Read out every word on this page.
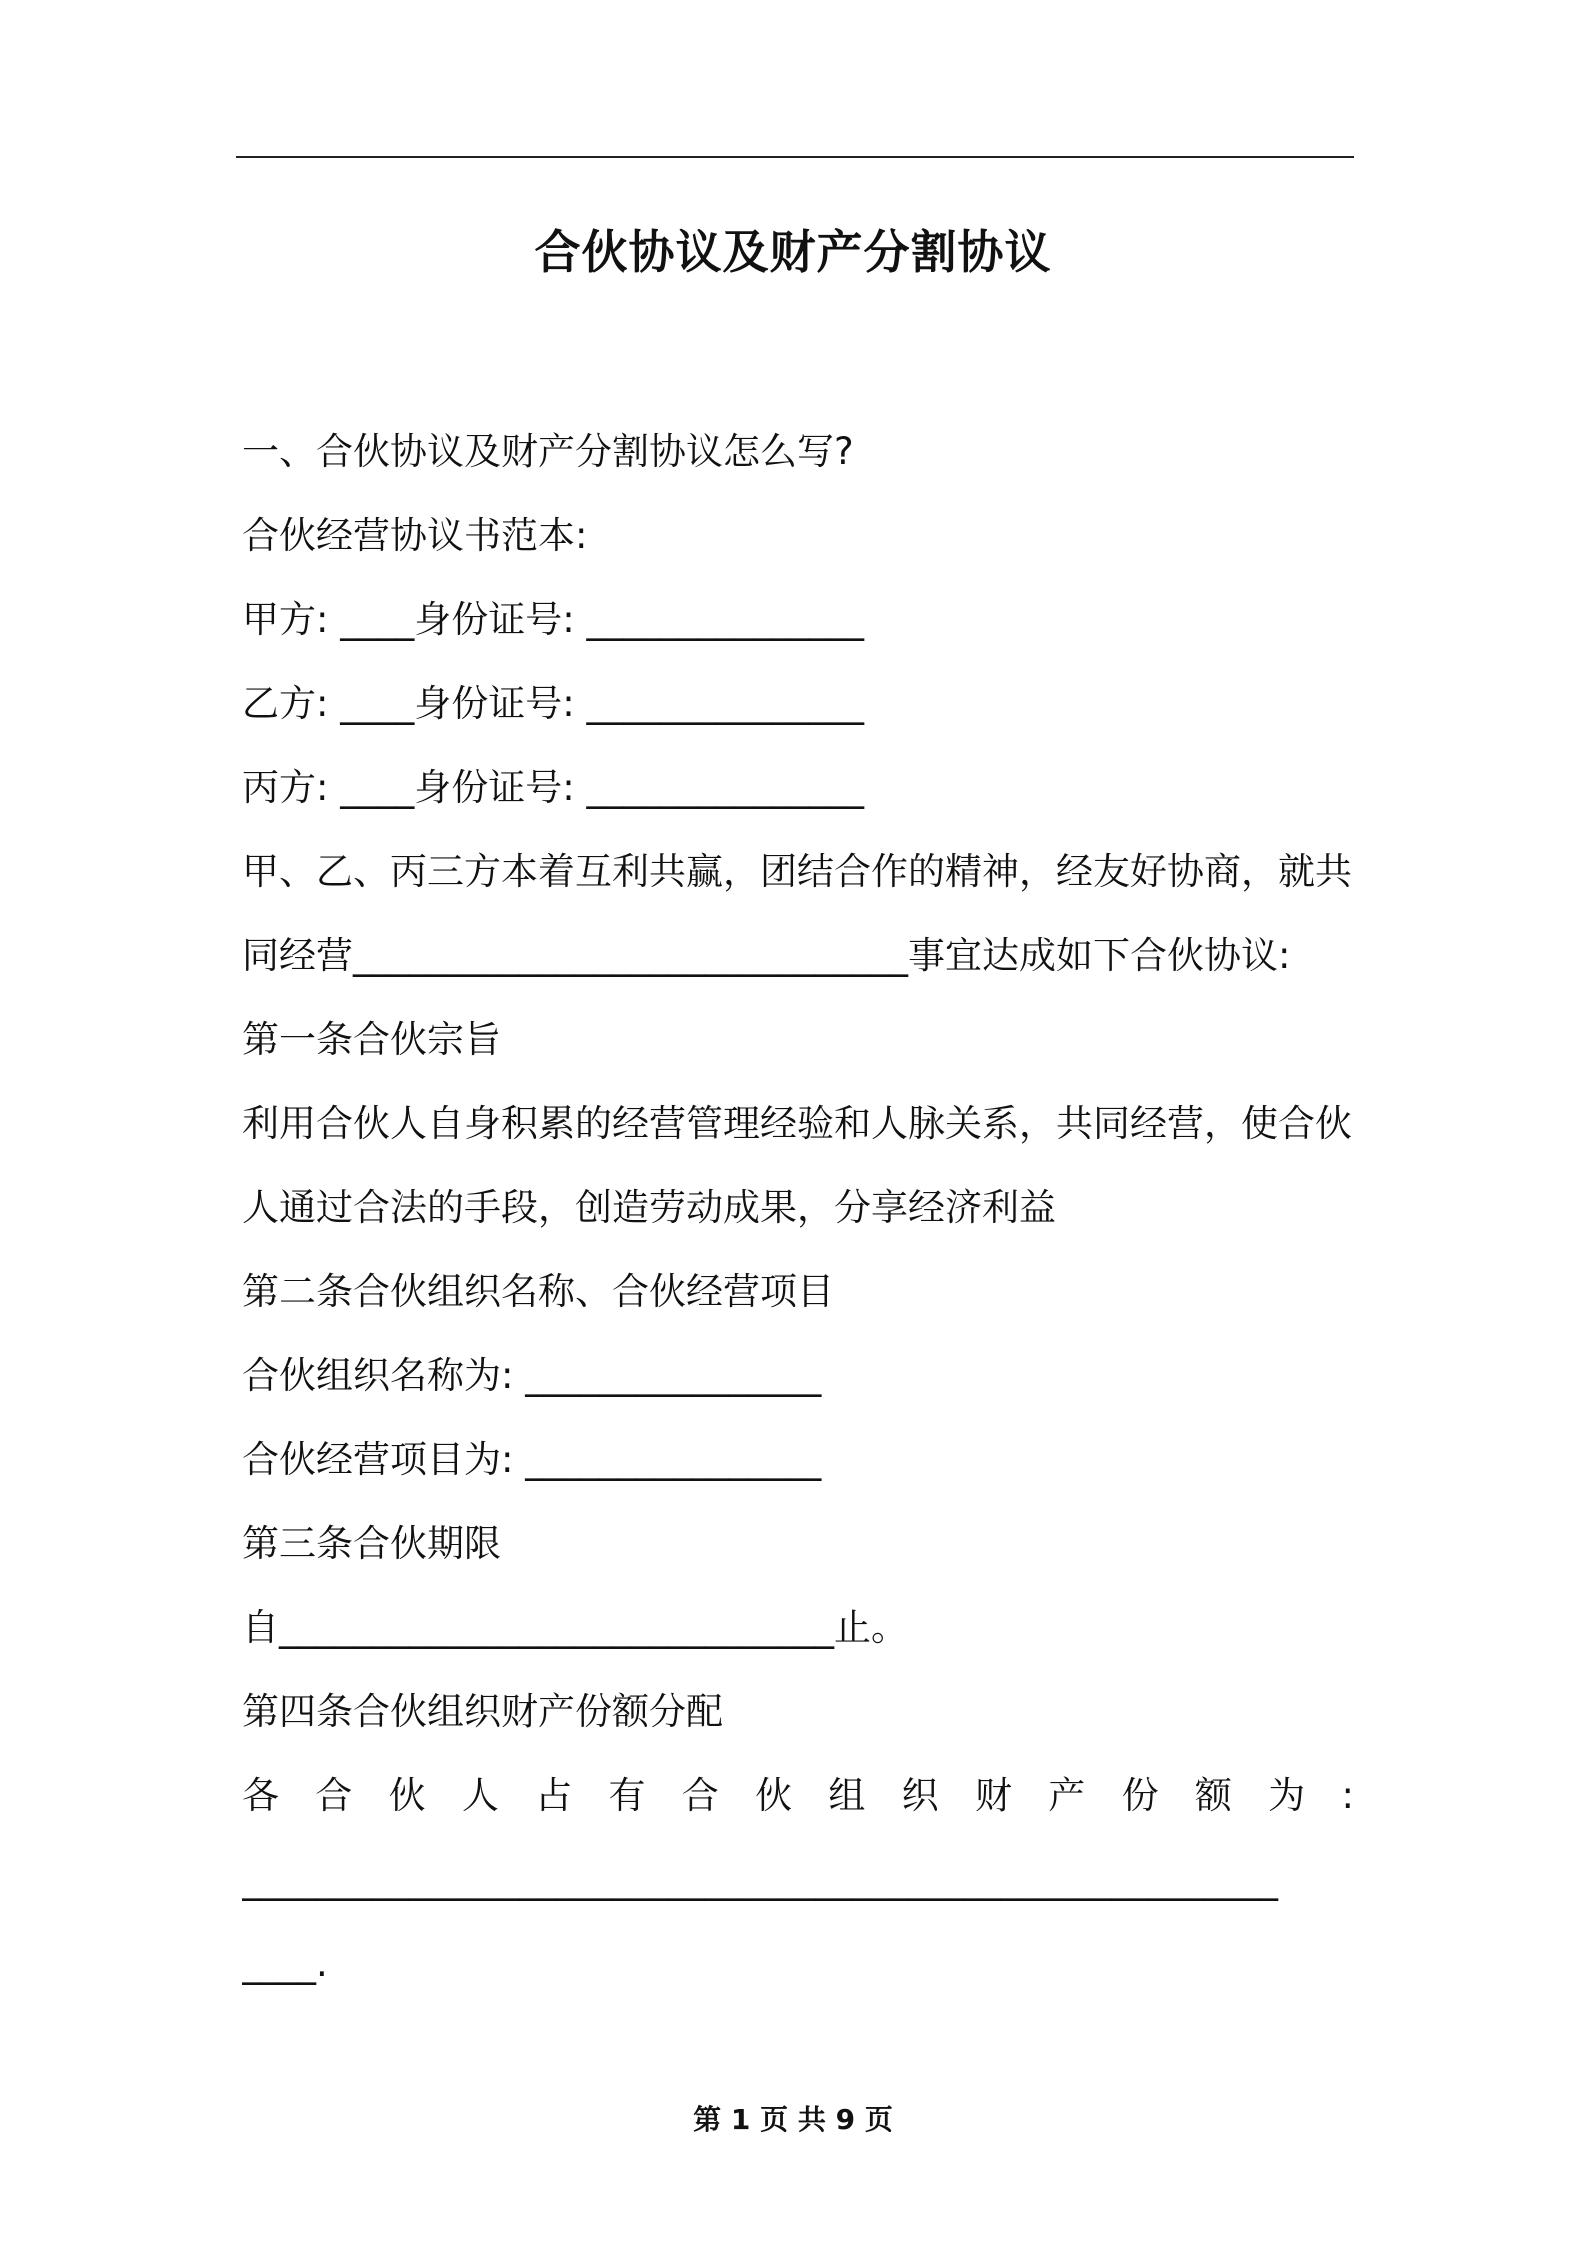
合伙协议及财产分割协议
一、合伙协议及财产分割协议怎么写?
合伙经营协议书范本:
甲方: ____身份证号: _______________
乙方: ____身份证号: _______________
丙方: ____身份证号: _______________
甲、乙、丙三方本着互利共赢，团结合作的精神，经友好协商，就共
同经营______________________________事宜达成如下合伙协议:
第一条合伙宗旨
利用合伙人自身积累的经营管理经验和人脉关系，共同经营，使合伙
人通过合法的手段，创造劳动成果，分享经济利益
第二条合伙组织名称、合伙经营项目
合伙组织名称为: ________________
合伙经营项目为: ________________
第三条合伙期限
自______________________________止。
第四条合伙组织财产份额分配
各 合 伙 人 占 有 合 伙 组 织 财 产 份 额 为 :
________________________________________________________
____.
第 1 页 共 9 页
